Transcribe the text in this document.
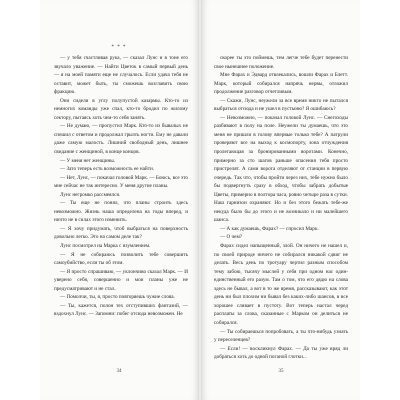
* * *

— у тебя счастливая рука, — сказал Лунс и в тоне его звучало уважение. — Найти Цветок в самый первый день — я на моей памяти еще не случалось. Если удача тебя не оставит, может быть, ты сможешь возглавить свою фракцию.

Они сидели в углу полупустой казармы. Кто-то из немногих команды уже спал, кто-то бродил по жилому сектору, пытаясь хоть чем-то себя занять.

— Не думаю, — пропустил Марк. Кто-то из бывалых не спешил с ответом и продолжал грызть ногти. Ему не давали даже самую малость. Лишний свободный день, лишнее свидание с женщиной, в конце концов.

— У меня нет женщины.

— Зато теперь есть возможность ее найти.

— Нет, Лунс, — покачал головой Марк. — Боюсь, все это мне сейчас не так интересно. У меня другие планы.

Лунс негромко рассмеялся.

— Ты еще не понял, что планы строить здесь невозможно. Жизнь наша определена на годы вперед, и ничто не в силах этого изменить.

— Я хочу придумать, чтоб выбраться на поверхность довольно легко. Это на самом деле так?

Лунс посмотрел на Марка с изумлением.

— Я не собираюсь позволить тебе совершить самоубийство, если ты об этом.

— Я просто спрашиваю, — уклончиво сказал Марк. — И уверено себя, совершенно и мои планы уже не предусматривают и не стал.

— Помолчи, ты, я, просто повторяешь чужие слова.

— Ты, кажется, полон тех отступивших фантазий, — вздохнул Лунс. — Запомни: побег отсюда невозможен. Не

34

скорее ты это поймешь, тем легче тебе будет перенести свое нынешнее положение.

Мне Фарах и Эдвард отвлекались, вошли Фарах и Блетт. Марк, который собирался напрячь нервы, отложил продолжение разговор отчетливым.

— Скажи, Лунс, неужели за все время никто не пытался выбраться отсюда и не ушел в пустыню? Я ошибаюсь?

— Невозможно, — покачал головой Лунс. — Снегоходы разбивают в полу на поле. Неужели ты думаешь, что это меня не пришли в голову впервые только тебе? А патрули проверяют все на выход к космопорту, зона отчуждения пролегающая за бронированными воротами. Конечно, примерно за сто шагов раньше опасения тебя просто пристрелят. А сами ворота отделяют от станции в первую очередь. Так что, чтобы пройти через них, тебе нужно было бы подвергнуть сразу в обход, чтобы забрать добытые Цветы, примерно в полтора часа, ровно четыре раза в сутки. Наш гарнизон охраняют. Но и без этого бежать тебе-же некуда было бы до этого и не возникало и ни малейшего шанса.

— А как думаешь, Фарах? — спросил Марк.

— О чем?

Фарах сидел напыщенный, злой. Он ничего не нашел и, по своей природе ничего не собирался никакой сдвиг не делать. Весь день по тротуару чертил разным способом тему забою, тысячу мыслей у себя при одном нас один-единственный его разум. Там о том, что его дядю на слова здесь не бывал, а вот в то же время, рассказывают, как этот день ни был плохим ни бывал без каких-либо шансов, и все хорошее сливает в пустоту. Вот теперь настал черед расплаты за слова, сказанные с Марком он делиться не собирался.

— Ты собираешься попробовать, а ты что-нибудь узнать у переселенцев?

— Если! — воскликнул Фарах. — Да ты уже вряд ли добраться хоть до одной поганой глотки...

35
